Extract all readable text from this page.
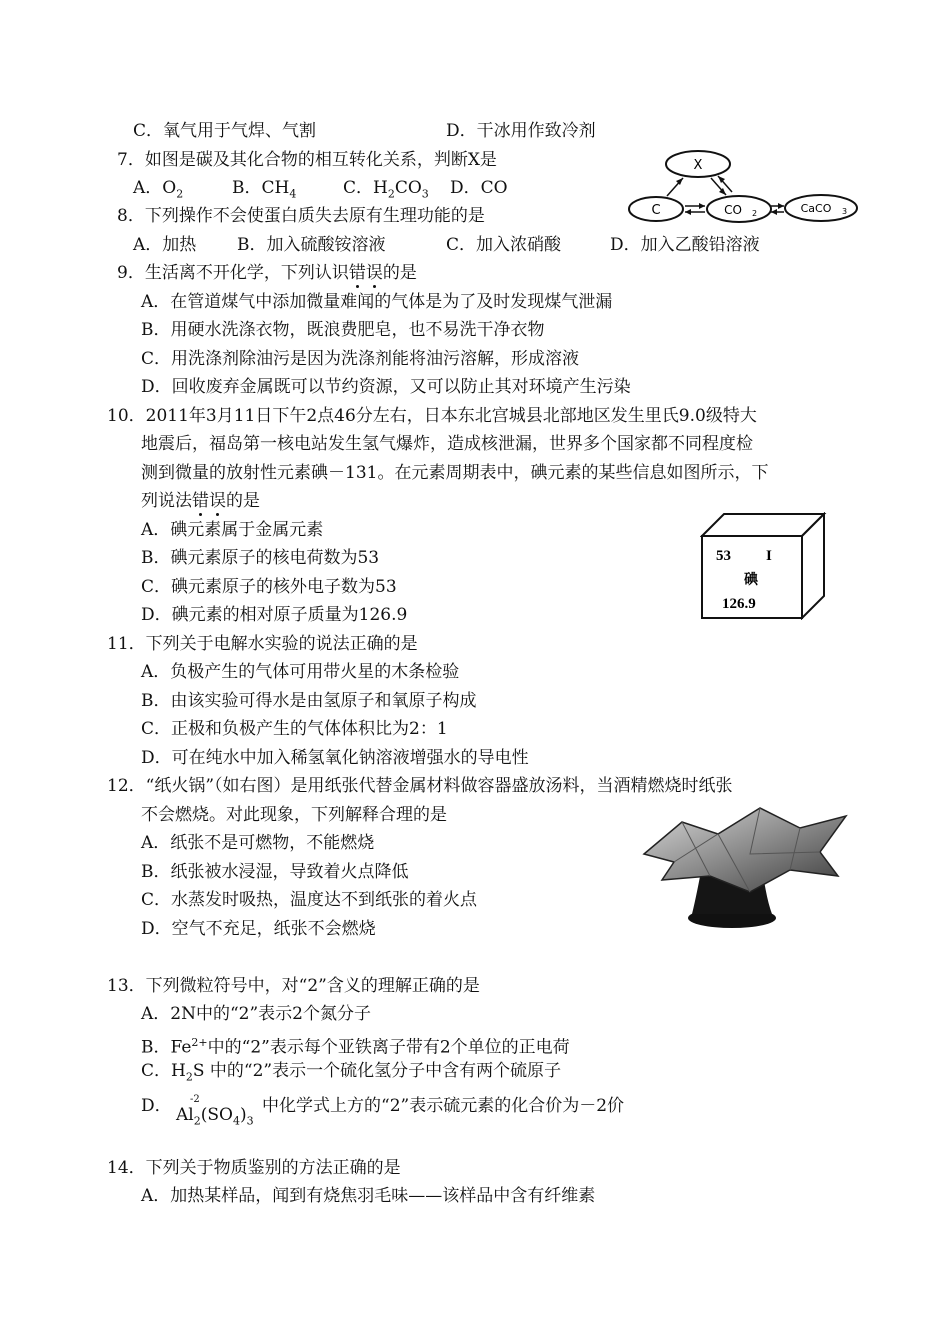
C．氧气用于气焊、气割	D．干冰用作致冷剂
7．如图是碳及其化合物的相互转化关系，判断X是
A．$O_2$	B．$CH_4$	C．$H_2CO_3$ D．CO
X
C	CO 2	CaCO 3
8．下列操作不会使蛋白质失去原有生理功能的是
A．加热 B．加入硫酸铵溶液	C．加入浓硝酸	D．加入乙酸铅溶液
9．生活离不开化学，下列认识错误的是
A．在管道煤气中添加微量难闻的气体是为了及时发现煤气泄漏
B．用硬水洗涤衣物，既浪费肥皂，也不易洗干净衣物
C．用洗涤剂除油污是因为洗涤剂能将油污溶解，形成溶液
D．回收废弃金属既可以节约资源，又可以防止其对环境产生污染
10．2011年3月11日下午2点46分左右，日本东北宫城县北部地区发生里氏9.0级特大
地震后，福岛第一核电站发生氢气爆炸，造成核泄漏，世界多个国家都不同程度检
测到微量的放射性元素碘－131。在元素周期表中，碘元素的某些信息如图所示，下
列说法错误的是
A．碘元素属于金属元素
B．碘元素原子的核电荷数为53
C．碘元素原子的核外电子数为53
D．碘元素的相对原子质量为126.9
53 I
碘
126.9
11．下列关于电解水实验的说法正确的是
A．负极产生的气体可用带火星的木条检验
B．由该实验可得水是由氢原子和氧原子构成
C．正极和负极产生的气体体积比为2：1
D．可在纯水中加入稀氢氧化钠溶液增强水的导电性
12．“纸火锅”（如右图）是用纸张代替金属材料做容器盛放汤料，当酒精燃烧时纸张
不会燃烧。对此现象，下列解释合理的是
A．纸张不是可燃物，不能燃烧
B．纸张被水浸湿，导致着火点降低
C．水蒸发时吸热，温度达不到纸张的着火点
D．空气不充足，纸张不会燃烧
13．下列微粒符号中，对“2”含义的理解正确的是
A．2N中的“2”表示2个氮分子
B．$Fe^{2+}$中的“2”表示每个亚铁离子带有2个单位的正电荷
C．$H_2S$ 中的“2”表示一个硫化氢分子中含有两个硫原子
D． -2
$Al_2(SO_4)_3$
中化学式上方的“2”表示硫元素的化合价为－2价
14．下列关于物质鉴别的方法正确的是
A．加热某样品，闻到有烧焦羽毛味——该样品中含有纤维素
